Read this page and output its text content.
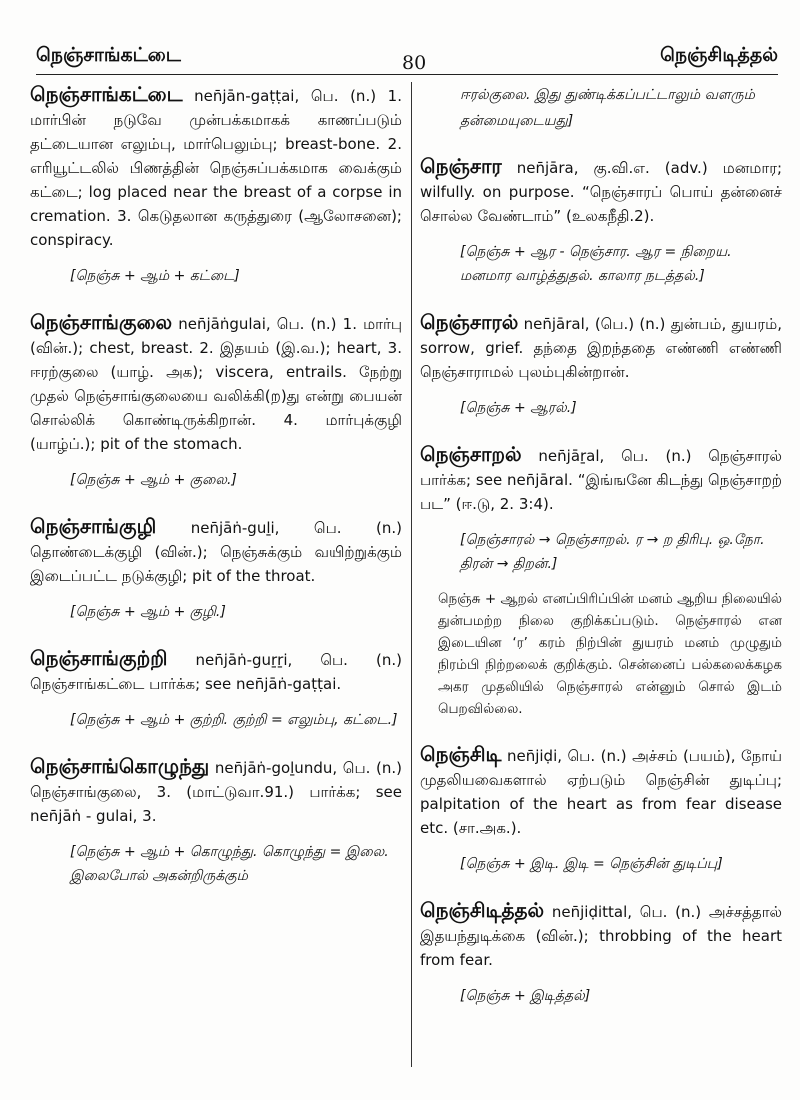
நெஞ்சாங்கட்டை	80	நெஞ்சிடித்தல்

நெஞ்சாங்கட்டை nen̄jān-gaṭṭai, பெ. (n.) 1. மார்பின் நடுவே முன்பக்கமாகக் காணப்படும் தட்டையான எலும்பு, மார்பெலும்பு; breast-bone. 2. எரியூட்டலில் பிணத்தின் நெஞ்சுப்பக்கமாக வைக்கும் கட்டை; log placed near the breast of a corpse in cremation. 3. கெடுதலான கருத்துரை (ஆலோசனை); conspiracy.

[நெஞ்சு + ஆம் + கட்டை]

நெஞ்சாங்குலை nen̄jāṅgulai, பெ. (n.) 1. மார்பு (வின்.); chest, breast. 2. இதயம் (இ.வ.); heart, 3. ஈரற்குலை (யாழ். அக); viscera, entrails. நேற்று முதல் நெஞ்சாங்குலையை வலிக்கி(ற)து என்று பையன் சொல்லிக் கொண்டிருக்கிறான். 4. மார்புக்குழி (யாழ்ப்.); pit of the stomach.

[நெஞ்சு + ஆம் + குலை.]

நெஞ்சாங்குழி nen̄jāṅ-guḻi, பெ. (n.) தொண்டைக்குழி (வின்.); நெஞ்சுக்கும் வயிற்றுக்கும் இடைப்பட்ட நடுக்குழி; pit of the throat.

[நெஞ்சு + ஆம் + குழி.]

நெஞ்சாங்குற்றி nen̄jāṅ-guṟṟi, பெ. (n.) நெஞ்சாங்கட்டை பார்க்க; see nen̄jāṅ-gaṭṭai.

[நெஞ்சு + ஆம் + குற்றி. குற்றி = எலும்பு, கட்டை.]

நெஞ்சாங்கொழுந்து nen̄jāṅ-goḻundu, பெ. (n.) நெஞ்சாங்குலை, 3. (மாட்டுவா.91.) பார்க்க; see nen̄jāṅ - gulai, 3.

[நெஞ்சு + ஆம் + கொழுந்து. கொழுந்து = இலை. இலைபோல் அகன்றிருக்கும்
ஈரல்குலை. இது துண்டிக்கப்பட்டாலும் வளரும் தன்மையுடையது]

நெஞ்சார nen̄jāra, கு.வி.எ. (adv.) மனமார; wilfully. on purpose. “நெஞ்சாரப் பொய் தன்னைச் சொல்ல வேண்டாம்” (உலகநீதி.2).

[நெஞ்சு + ஆர - நெஞ்சார. ஆர = நிறைய. மனமார வாழ்த்துதல். காலார நடத்தல்.]

நெஞ்சாரல் nen̄jāral, (பெ.) (n.) துன்பம், துயரம், sorrow, grief. தந்தை இறந்ததை எண்ணி எண்ணி நெஞ்சாராமல் புலம்புகின்றான்.

[நெஞ்சு + ஆரல்.]

நெஞ்சாறல் nen̄jāṟal, பெ. (n.) நெஞ்சாரல் பார்க்க; see nen̄jāral. “இங்ஙனே கிடந்து நெஞ்சாறற் பட” (ஈ.டு, 2. 3:4).

[நெஞ்சாரல் → நெஞ்சாறல். ர → ற திரிபு. ஒ.நோ. திரன் → திறன்.]
நெஞ்சு + ஆறல் எனப்பிரிப்பின் மனம் ஆறிய நிலையில் துன்பமற்ற நிலை குறிக்கப்படும். நெஞ்சாரல் என இடையின ‘ர’ கரம் நிற்பின் துயரம் மனம் முழுதும் நிரம்பி நிற்றலைக் குறிக்கும். சென்னைப் பல்கலைக்கழக அகர முதலியில் நெஞ்சாரல் என்னும் சொல் இடம் பெறவில்லை.

நெஞ்சிடி nen̄jiḍi, பெ. (n.) அச்சம் (பயம்), நோய் முதலியவைகளால் ஏற்படும் நெஞ்சின் துடிப்பு; palpitation of the heart as from fear disease etc. (சா.அக.).

[நெஞ்சு + இடி. இடி = நெஞ்சின் துடிப்பு]

நெஞ்சிடித்தல் nen̄jiḍittal, பெ. (n.) அச்சத்தால் இதயந்துடிக்கை (வின்.); throbbing of the heart from fear.

[நெஞ்சு + இடித்தல்]
